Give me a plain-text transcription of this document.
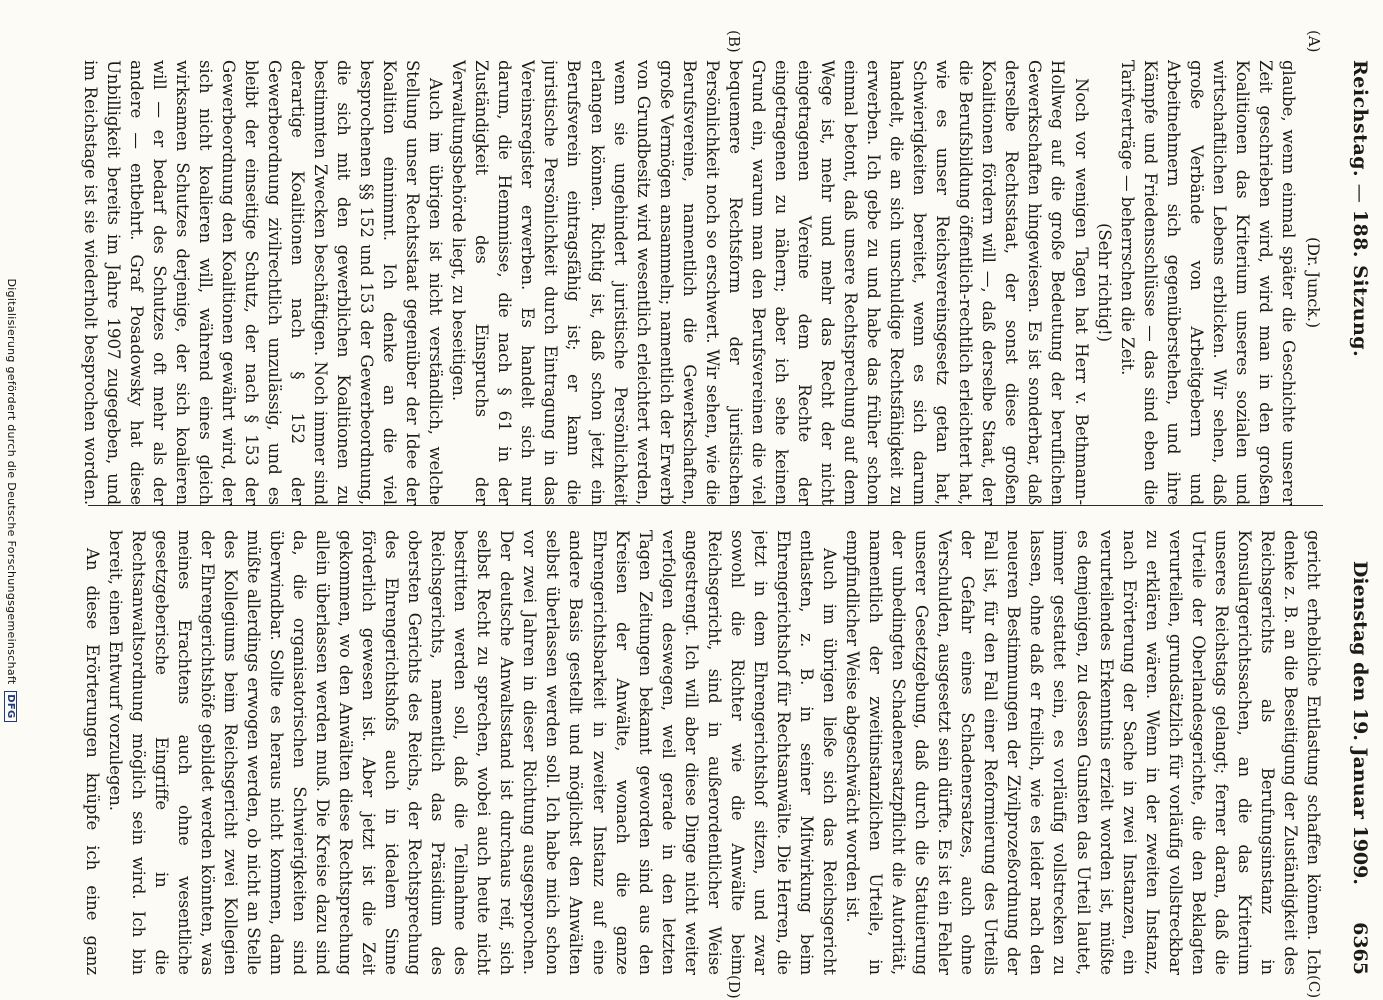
Reichstag. — 188. Sitzung.
Dienstag den 19. Januar 1909.
6365
(A)
(B)
(C)
(D)
(Dr. Junck.)

glaube, wenn einmal später die Geschichte unserer Zeit geschrieben wird, wird man in den großen Koalitionen das Kriterium unseres sozialen und wirtschaftlichen Lebens erblicken. Wir sehen, daß große Verbände von Arbeitgebern und Arbeitnehmern sich gegenüberstehen, und ihre Kämpfe und Friedensschlüsse — das sind eben die Tarifverträge — beherrschen die Zeit.

(Sehr richtig!)

Noch vor wenigen Tagen hat Herr v. Bethmann-Hollweg auf die große Bedeutung der beruflichen Gewerkschaften hingewiesen. Es ist sonderbar, daß derselbe Rechtsstaat, der sonst diese großen Koalitionen fördern will —, daß derselbe Staat, der die Berufsbildung öffentlich-rechtlich erleichtert hat, wie es unser Reichsvereinsgesetz getan hat, Schwierigkeiten bereitet, wenn es sich darum handelt, die an sich unschuldige Rechtsfähigkeit zu erwerben. Ich gebe zu und habe das früher schon einmal betont, daß unsere Rechtsprechung auf dem Wege ist, mehr und mehr das Recht der nicht eingetragenen Vereine dem Rechte der eingetragenen zu nähern; aber ich sehe keinen Grund ein, warum man den Berufsvereinen die viel bequemere Rechtsform der juristischen Persönlichkeit noch so erschwert. Wir sehen, wie die Berufsvereine, namentlich die Gewerkschaften, große Vermögen ansammeln; namentlich der Erwerb von Grundbesitz wird wesentlich erleichtert werden, wenn sie ungehindert juristische Persönlichkeit erlangen können. Richtig ist, daß schon jetzt ein Berufsverein eintragsfähig ist; er kann die juristische Persönlichkeit durch Eintragung in das Vereinsregister erwerben. Es handelt sich nur darum, die Hemmnisse, die nach § 61 in der Zuständigkeit des Einspruchs der Verwaltungsbehörde liegt, zu beseitigen.

Auch im übrigen ist nicht verständlich, welche Stellung unser Rechtsstaat gegenüber der Idee der Koalition einnimmt. Ich denke an die viel besprochenen §§ 152 und 153 der Gewerbeordnung, die sich mit den gewerblichen Koalitionen zu bestimmten Zwecken beschäftigen. Noch immer sind derartige Koalitionen nach § 152 der Gewerbeordnung zivilrechtlich unzulässig, und es bleibt der einseitige Schutz, der nach § 153 der Gewerbeordnung den Koalitionen gewährt wird, der sich nicht koalieren will, während eines gleich wirksamen Schutzes derjenige, der sich koalieren will — er bedarf des Schutzes oft mehr als der andere — entbehrt. Graf Posadowsky hat diese Unbilligkeit bereits im Jahre 1907 zugegeben, und im Reichstage ist sie wiederholt besprochen worden.

gericht erhebliche Entlastung schaffen können. Ich denke z. B. an die Beseitigung der Zuständigkeit des Reichsgerichts als Berufungsinstanz in Konsulargerichtssachen, an die das Kriterium unseres Reichstags gelangt; ferner daran, daß die Urteile der Oberlandesgerichte, die den Beklagten verurteilen, grundsätzlich für vorläufig vollstreckbar zu erklären wären. Wenn in der zweiten Instanz, nach Erörterung der Sache in zwei Instanzen, ein verurteilendes Erkenntnis erzielt worden ist, müßte es demjenigen, zu dessen Gunsten das Urteil lautet, immer gestattet sein, es vorläufig vollstrecken zu lassen, ohne daß er freilich, wie es leider nach den neueren Bestimmungen der Zivilprozeßordnung der Fall ist, für den Fall einer Reformierung des Urteils der Gefahr eines Schadenersatzes, auch ohne Verschulden, ausgesetzt sein dürfte. Es ist ein Fehler unserer Gesetzgebung, daß durch die Statuierung der unbedingten Schadenersatzpflicht die Autorität, namentlich der zweitinstanzlichen Urteile, in empfindlicher Weise abgeschwächt worden ist.

Auch im übrigen ließe sich das Reichsgericht entlasten, z. B. in seiner Mitwirkung beim Ehrengerichtshof für Rechtsanwälte. Die Herren, die jetzt in dem Ehrengerichtshof sitzen, und zwar sowohl die Richter wie die Anwälte beim Reichsgericht, sind in außerordentlicher Weise angestrengt. Ich will aber diese Dinge nicht weiter verfolgen deswegen, weil gerade in den letzten Tagen Zeitungen bekannt geworden sind aus den Kreisen der Anwälte, wonach die ganze Ehrengerichtsbarkeit in zweiter Instanz auf eine andere Basis gestellt und möglichst den Anwälten selbst überlassen werden soll. Ich habe mich schon vor zwei Jahren in dieser Richtung ausgesprochen. Der deutsche Anwaltsstand ist durchaus reif, sich selbst Recht zu sprechen, wobei auch heute nicht bestritten werden soll, daß die Teilnahme des Reichsgerichts, namentlich das Präsidium des obersten Gerichts des Reichs, der Rechtsprechung des Ehrengerichtshofs auch in idealem Sinne förderlich gewesen ist. Aber jetzt ist die Zeit gekommen, wo den Anwälten diese Rechtsprechung allein überlassen werden muß. Die Kreise dazu sind da, die organisatorischen Schwierigkeiten sind überwindbar. Sollte es heraus nicht kommen, dann müßte allerdings erwogen werden, ob nicht an Stelle des Kollegiums beim Reichsgericht zwei Kollegien der Ehrengerichtshöfe gebildet werden könnten, was meines Erachtens auch ohne wesentliche gesetzgeberische Eingriffe in die Rechtsanwaltsordnung möglich sein wird. Ich bin bereit, einen Entwurf vorzulegen.

An diese Erörterungen knüpfe ich eine ganz

Digitalisierung gefördert durch die Deutsche Forschungsgemeinschaft DFG
